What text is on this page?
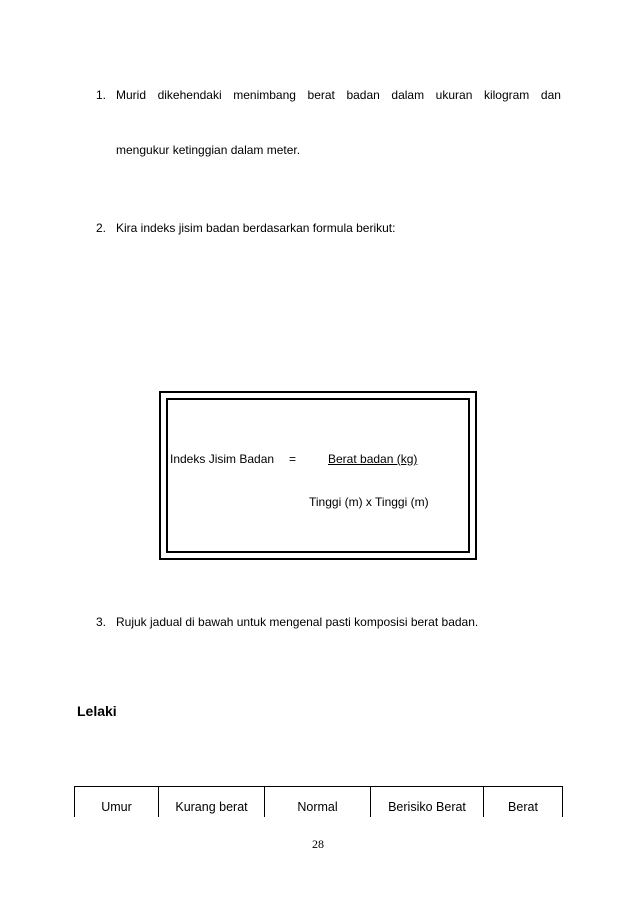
1. Murid dikehendaki menimbang berat badan dalam ukuran kilogram dan
mengukur ketinggian dalam meter.
2. Kira indeks jisim badan berdasarkan formula berikut:
Indeks Jisim Badan =	Berat badan (kg)
Tinggi (m) x Tinggi (m)
3. Rujuk jadual di bawah untuk mengenal pasti komposisi berat badan.
Lelaki
Umur	Kurang berat	Normal	Berisiko Berat	Berat
28
